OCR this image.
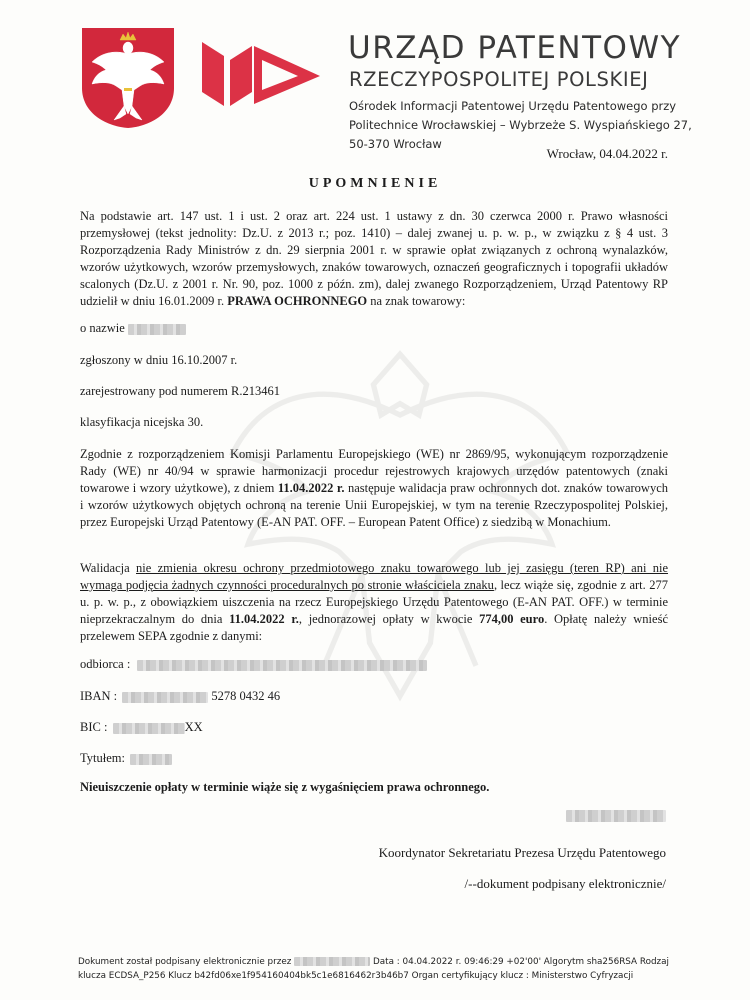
URZĄD PATENTOWY
RZECZYPOSPOLITEJ POLSKIEJ
Ośrodek Informacji Patentowej Urzędu Patentowego przy
Politechnice Wrocławskiej – Wybrzeże S. Wyspiańskiego 27,
50-370 Wrocław
Wrocław, 04.04.2022 r.
UPOMNIENIE
Na podstawie art. 147 ust. 1 i ust. 2 oraz art. 224 ust. 1 ustawy z dn. 30 czerwca 2000 r. Prawo własności przemysłowej (tekst jednolity: Dz.U. z 2013 r.; poz. 1410) – dalej zwanej u. p. w. p., w związku z § 4 ust. 3 Rozporządzenia Rady Ministrów z dn. 29 sierpnia 2001 r. w sprawie opłat związanych z ochroną wynalazków, wzorów użytkowych, wzorów przemysłowych, znaków towarowych, oznaczeń geograficznych i topografii układów scalonych (Dz.U. z 2001 r. Nr. 90, poz. 1000 z późn. zm), dalej zwanego Rozporządzeniem, Urząd Patentowy RP udzielił w dniu 16.01.2009 r. PRAWA OCHRONNEGO na znak towarowy:
o nazwie
zgłoszony w dniu 16.10.2007 r.
zarejestrowany pod numerem R.213461
klasyfikacja nicejska 30.
Zgodnie z rozporządzeniem Komisji Parlamentu Europejskiego (WE) nr 2869/95, wykonującym rozporządzenie Rady (WE) nr 40/94 w sprawie harmonizacji procedur rejestrowych krajowych urzędów patentowych (znaki towarowe i wzory użytkowe), z dniem 11.04.2022 r. następuje walidacja praw ochronnych dot. znaków towarowych i wzorów użytkowych objętych ochroną na terenie Unii Europejskiej, w tym na terenie Rzeczypospolitej Polskiej, przez Europejski Urząd Patentowy (E-AN PAT. OFF. – European Patent Office) z siedzibą w Monachium.
Walidacja nie zmienia okresu ochrony przedmiotowego znaku towarowego lub jej zasięgu (teren RP) ani nie wymaga podjęcia żadnych czynności proceduralnych po stronie właściciela znaku, lecz wiąże się, zgodnie z art. 277 u. p. w. p., z obowiązkiem uiszczenia na rzecz Europejskiego Urzędu Patentowego (E-AN PAT. OFF.) w terminie nieprzekraczalnym do dnia 11.04.2022 r., jednorazowej opłaty w kwocie 774,00 euro. Opłatę należy wnieść przelewem SEPA zgodnie z danymi:
odbiorca :
IBAN :	5278 0432 46
BIC :	XX
Tytułem:
Nieuiszczenie opłaty w terminie wiąże się z wygaśnięciem prawa ochronnego.
Koordynator Sekretariatu Prezesa Urzędu Patentowego
/--dokument podpisany elektronicznie/
Dokument został podpisany elektronicznie przez	Data : 04.04.2022 r. 09:46:29 +02'00' Algorytm sha256RSA Rodzaj
klucza ECDSA_P256 Klucz b42fd06xe1f954160404bk5c1e6816462r3b46b7 Organ certyfikujący klucz : Ministerstwo Cyfryzacji
